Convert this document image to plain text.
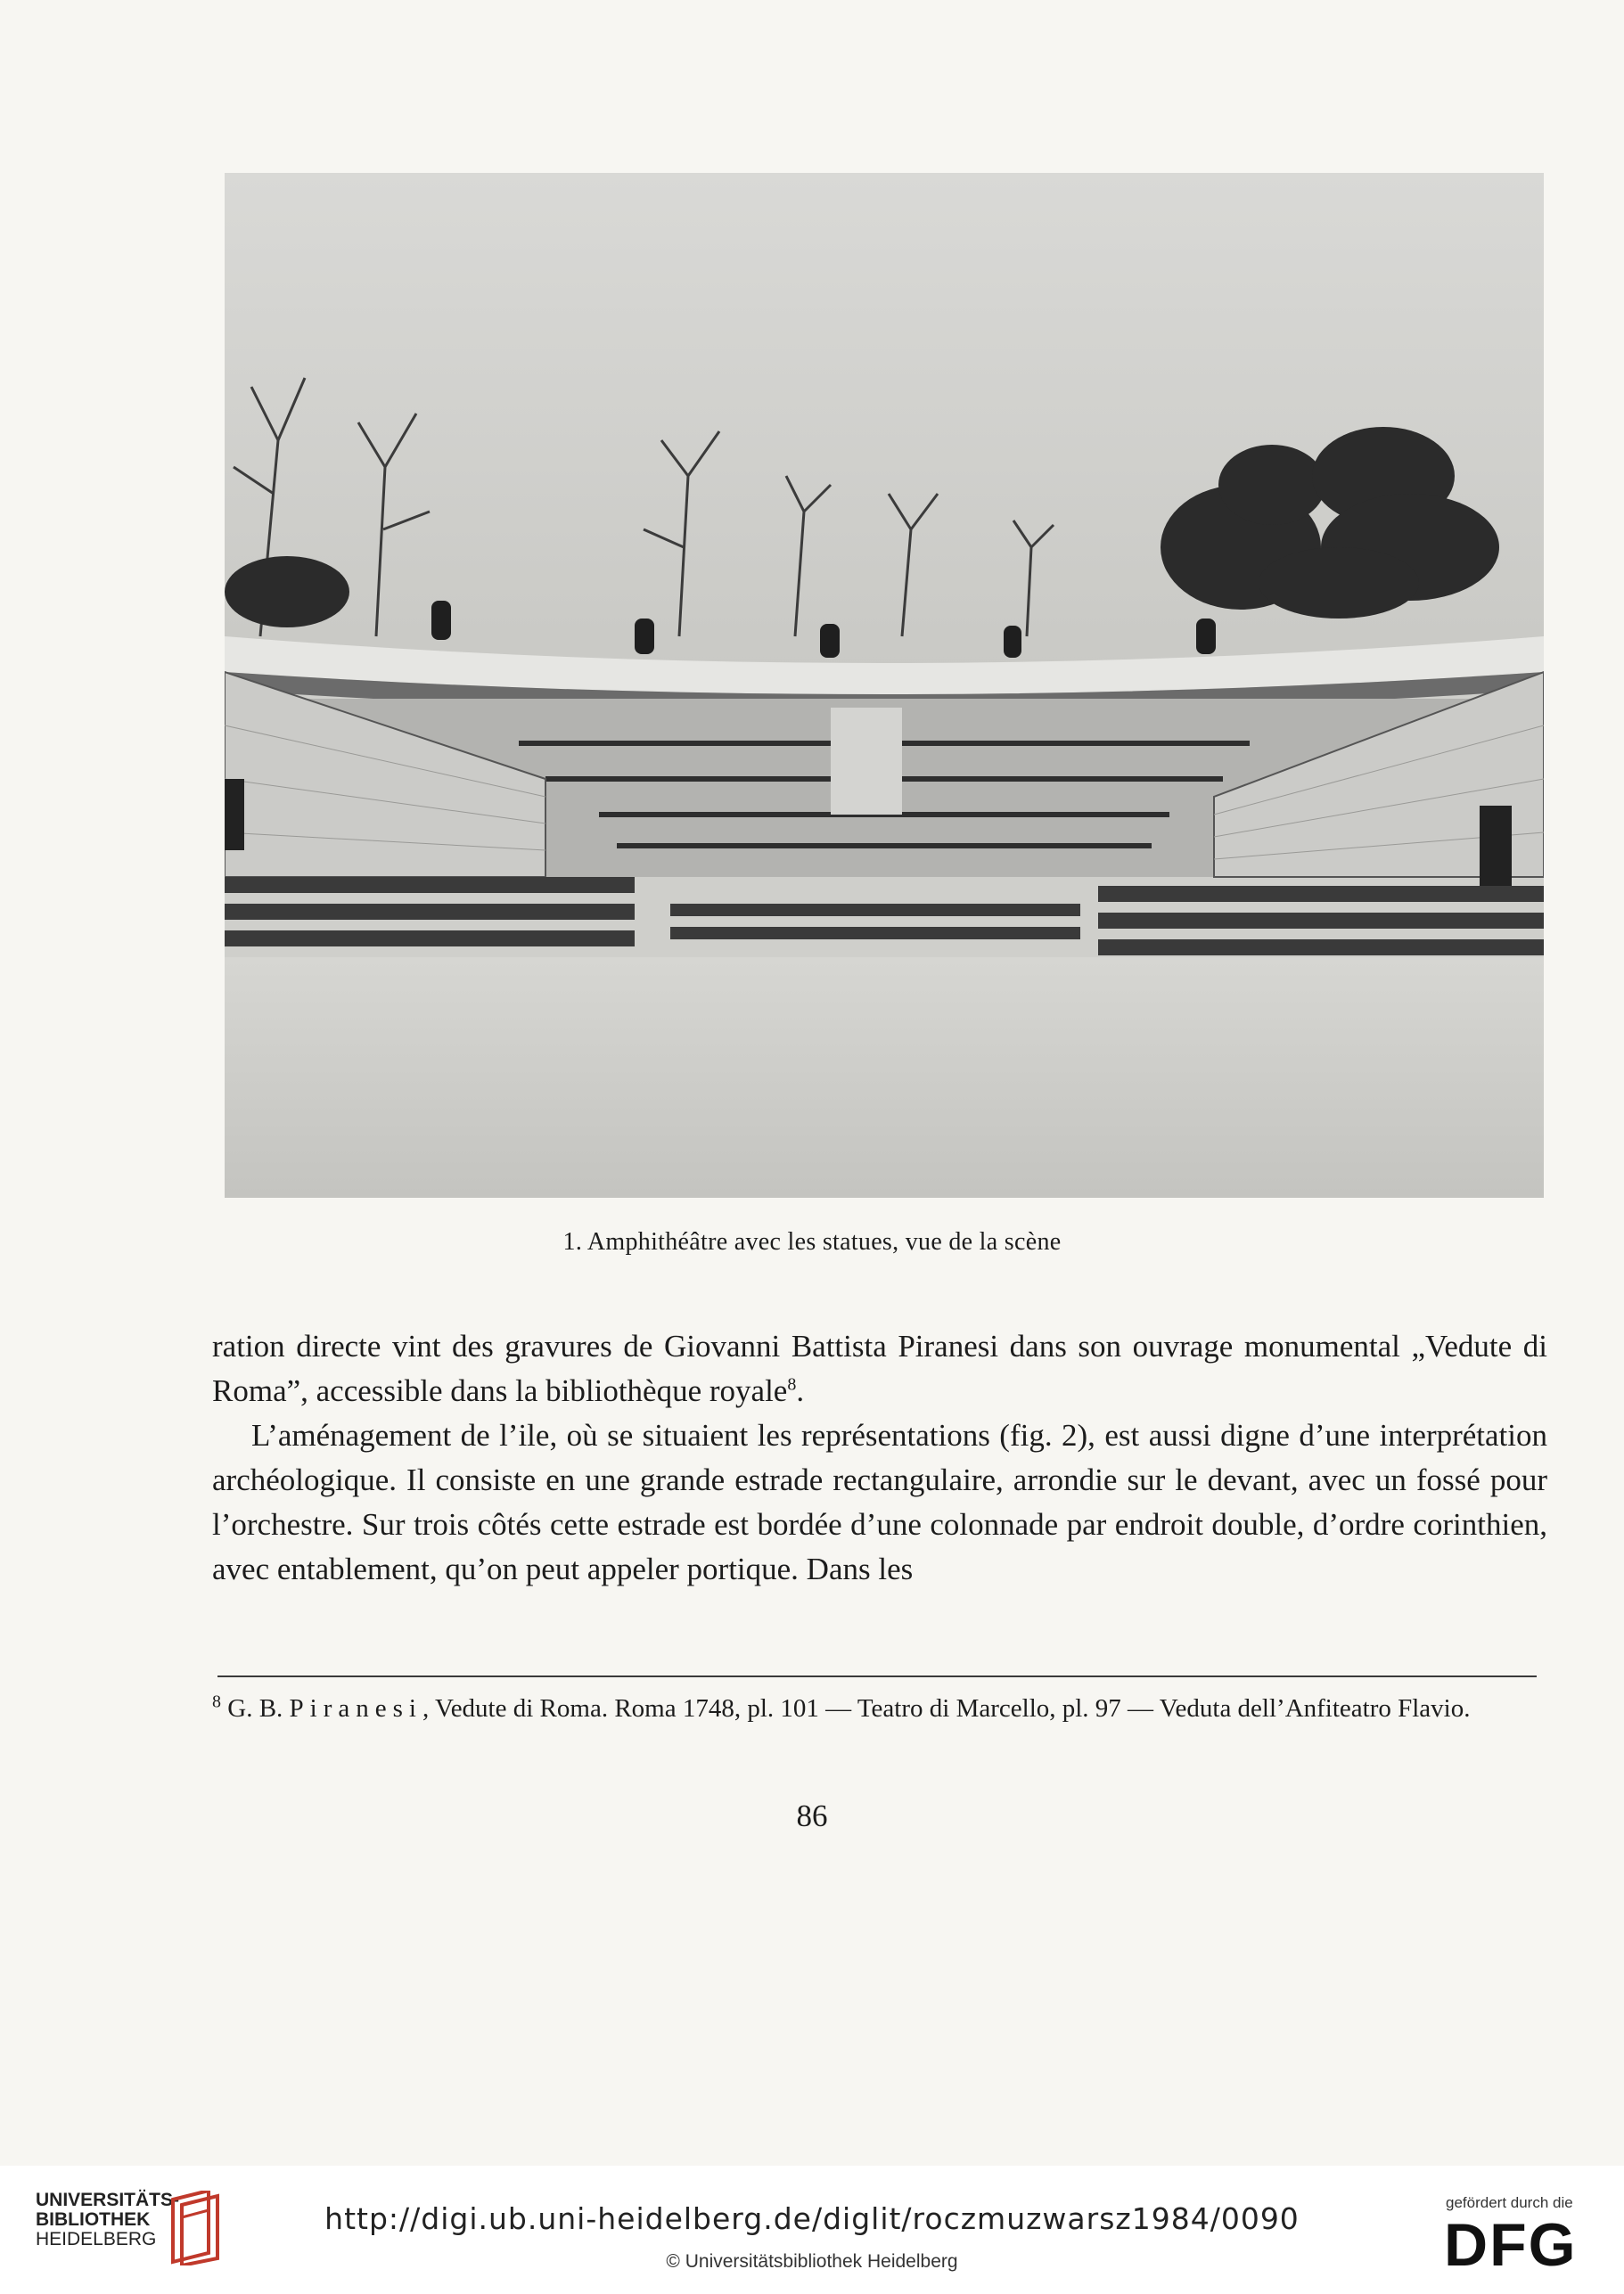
1. Amphithéâtre avec les statues, vue de la scène

ration directe vint des gravures de Giovanni Battista Piranesi dans son ouvrage monumental „Vedute di Roma”, accessible dans la bibliothèque royale$^8$.

L’aménagement de l’ile, où se situaient les représentations (fig. 2), est aussi digne d’une interprétation archéologique. Il consiste en une grande estrade rectangulaire, arrondie sur le devant, avec un fossé pour l’orchestre. Sur trois côtés cette estrade est bordée d’une colonnade par endroit double, d’ordre corinthien, avec entablement, qu’on peut appeler portique. Dans les

$^8$ G. B. Piranesi, Vedute di Roma. Roma 1748, pl. 101 — Teatro di Marcello, pl. 97 — Veduta dell’Anfiteatro Flavio.
86
UNIVERSITÄTS-
BIBLIOTHEK
HEIDELBERG
http://digi.ub.uni-heidelberg.de/diglit/roczmuzwarsz1984/0090
© Universitätsbibliothek Heidelberg
gefördert durch die
DFG
